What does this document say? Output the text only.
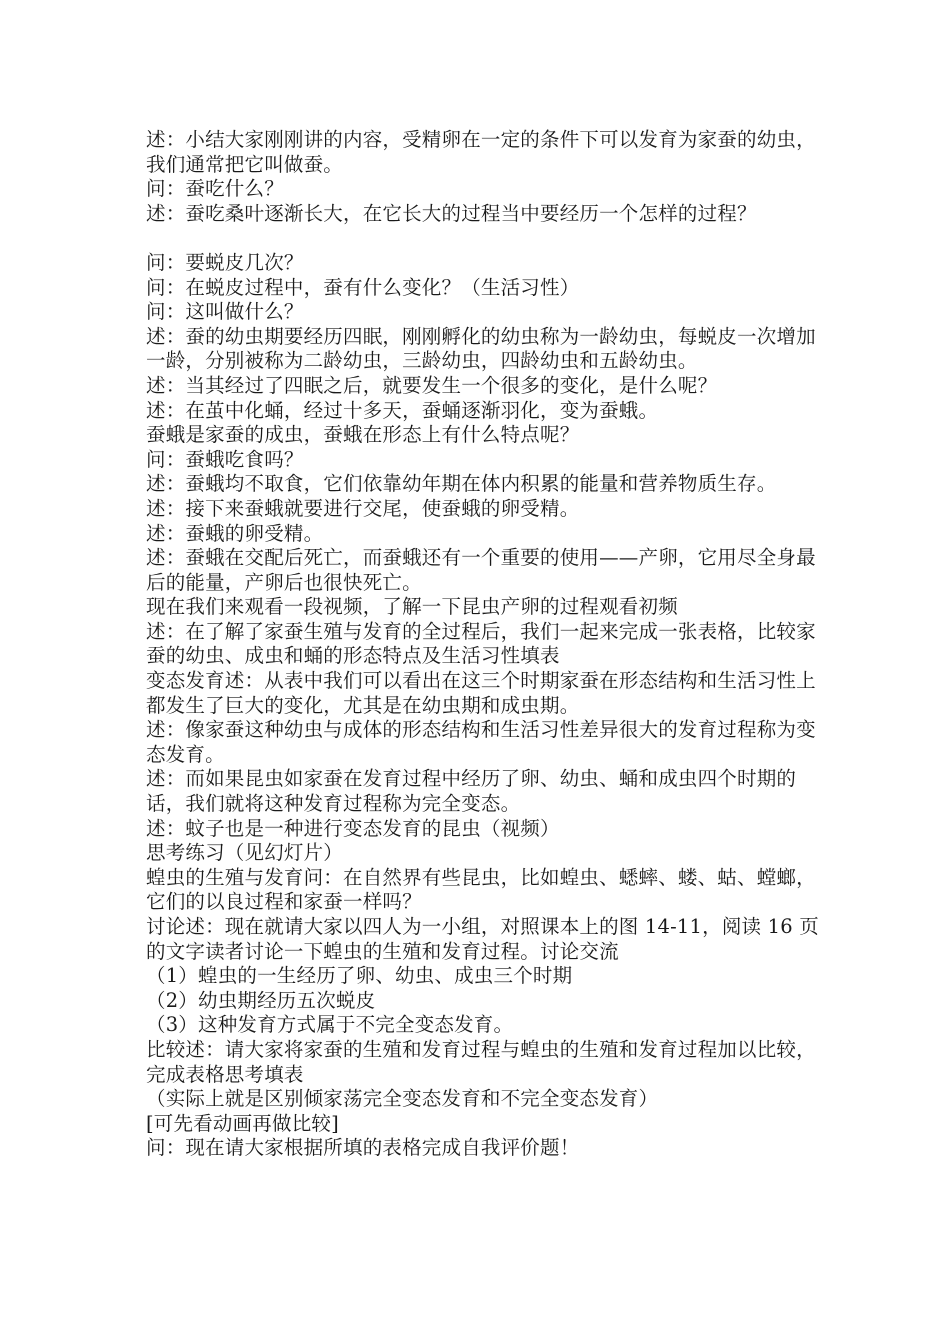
述：小结大家刚刚讲的内容，受精卵在一定的条件下可以发育为家蚕的幼虫，我们通常把它叫做蚕。

问：蚕吃什么？

述：蚕吃桑叶逐渐长大，在它长大的过程当中要经历一个怎样的过程？

问：要蜕皮几次？

问：在蜕皮过程中，蚕有什么变化？（生活习性）

问：这叫做什么？

述：蚕的幼虫期要经历四眠，刚刚孵化的幼虫称为一龄幼虫，每蜕皮一次增加一龄，分别被称为二龄幼虫，三龄幼虫，四龄幼虫和五龄幼虫。

述：当其经过了四眠之后，就要发生一个很多的变化，是什么呢？

述：在茧中化蛹，经过十多天，蚕蛹逐渐羽化，变为蚕蛾。

蚕蛾是家蚕的成虫，蚕蛾在形态上有什么特点呢？

问：蚕蛾吃食吗？

述：蚕蛾均不取食，它们依靠幼年期在体内积累的能量和营养物质生存。

述：接下来蚕蛾就要进行交尾，使蚕蛾的卵受精。

述：蚕蛾的卵受精。

述：蚕蛾在交配后死亡，而蚕蛾还有一个重要的使用——产卵，它用尽全身最后的能量，产卵后也很快死亡。

现在我们来观看一段视频，了解一下昆虫产卵的过程观看初频

述：在了解了家蚕生殖与发育的全过程后，我们一起来完成一张表格，比较家蚕的幼虫、成虫和蛹的形态特点及生活习性填表

变态发育述：从表中我们可以看出在这三个时期家蚕在形态结构和生活习性上都发生了巨大的变化，尤其是在幼虫期和成虫期。

述：像家蚕这种幼虫与成体的形态结构和生活习性差异很大的发育过程称为变态发育。

述：而如果昆虫如家蚕在发育过程中经历了卵、幼虫、蛹和成虫四个时期的话，我们就将这种发育过程称为完全变态。

述：蚊子也是一种进行变态发育的昆虫（视频）

思考练习（见幻灯片）

蝗虫的生殖与发育问：在自然界有些昆虫，比如蝗虫、蟋蟀、蝼、蛄、螳螂，它们的以良过程和家蚕一样吗？

讨论述：现在就请大家以四人为一小组，对照课本上的图 14-11，阅读 16 页的文字读者讨论一下蝗虫的生殖和发育过程。讨论交流

（1）蝗虫的一生经历了卵、幼虫、成虫三个时期

（2）幼虫期经历五次蜕皮

（3）这种发育方式属于不完全变态发育。

比较述：请大家将家蚕的生殖和发育过程与蝗虫的生殖和发育过程加以比较，完成表格思考填表

（实际上就是区别倾家荡完全变态发育和不完全变态发育）

[可先看动画再做比较]

问：现在请大家根据所填的表格完成自我评价题！
